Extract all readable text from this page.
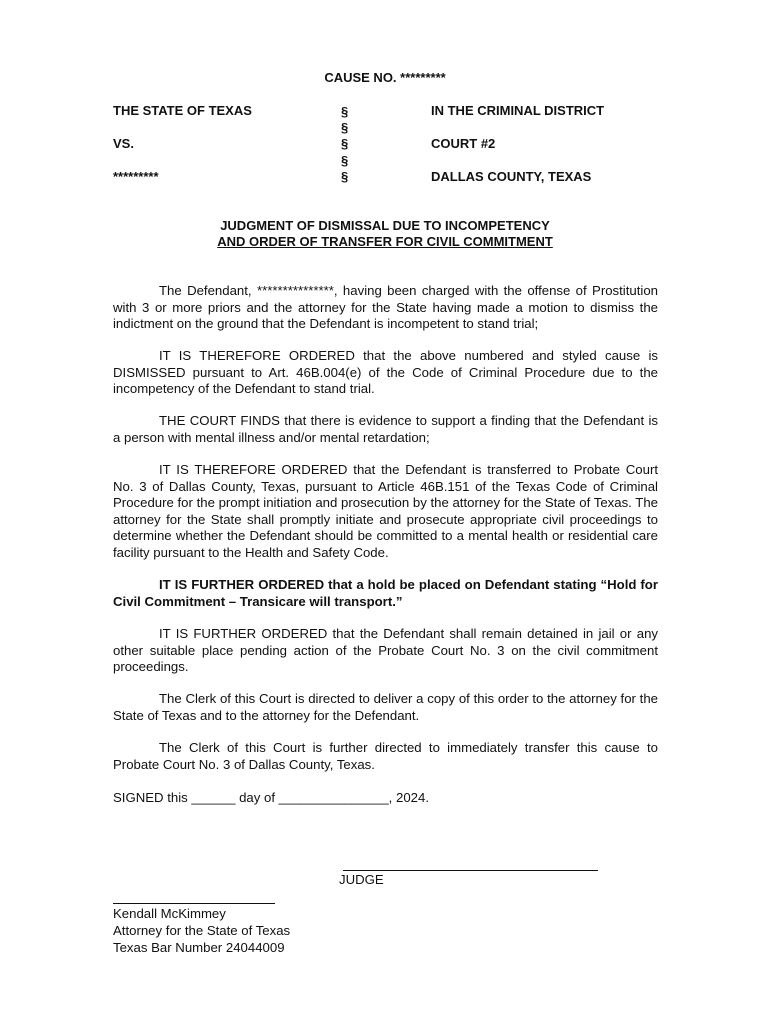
CAUSE NO. *********
THE STATE OF TEXAS
VS.
*********
§
§
§
§
§
IN THE CRIMINAL DISTRICT
COURT #2
DALLAS COUNTY, TEXAS
JUDGMENT OF DISMISSAL DUE TO INCOMPETENCY
AND ORDER OF TRANSFER FOR CIVIL COMMITMENT

The Defendant, ***************, having been charged with the offense of Prostitution with 3 or more priors and the attorney for the State having made a motion to dismiss the indictment on the ground that the Defendant is incompetent to stand trial;

IT IS THEREFORE ORDERED that the above numbered and styled cause is DISMISSED pursuant to Art. 46B.004(e) of the Code of Criminal Procedure due to the incompetency of the Defendant to stand trial.

THE COURT FINDS that there is evidence to support a finding that the Defendant is a person with mental illness and/or mental retardation;

IT IS THEREFORE ORDERED that the Defendant is transferred to Probate Court No. 3 of Dallas County, Texas, pursuant to Article 46B.151 of the Texas Code of Criminal Procedure for the prompt initiation and prosecution by the attorney for the State of Texas. The attorney for the State shall promptly initiate and prosecute appropriate civil proceedings to determine whether the Defendant should be committed to a mental health or residential care facility pursuant to the Health and Safety Code.

IT IS FURTHER ORDERED that a hold be placed on Defendant stating “Hold for Civil Commitment – Transicare will transport.”

IT IS FURTHER ORDERED that the Defendant shall remain detained in jail or any other suitable place pending action of the Probate Court No. 3 on the civil commitment proceedings.

The Clerk of this Court is directed to deliver a copy of this order to the attorney for the State of Texas and to the attorney for the Defendant.

The Clerk of this Court is further directed to immediately transfer this cause to Probate Court No. 3 of Dallas County, Texas.

SIGNED this ______ day of _______________, 2024.
JUDGE
Kendall McKimmey
Attorney for the State of Texas
Texas Bar Number 24044009
